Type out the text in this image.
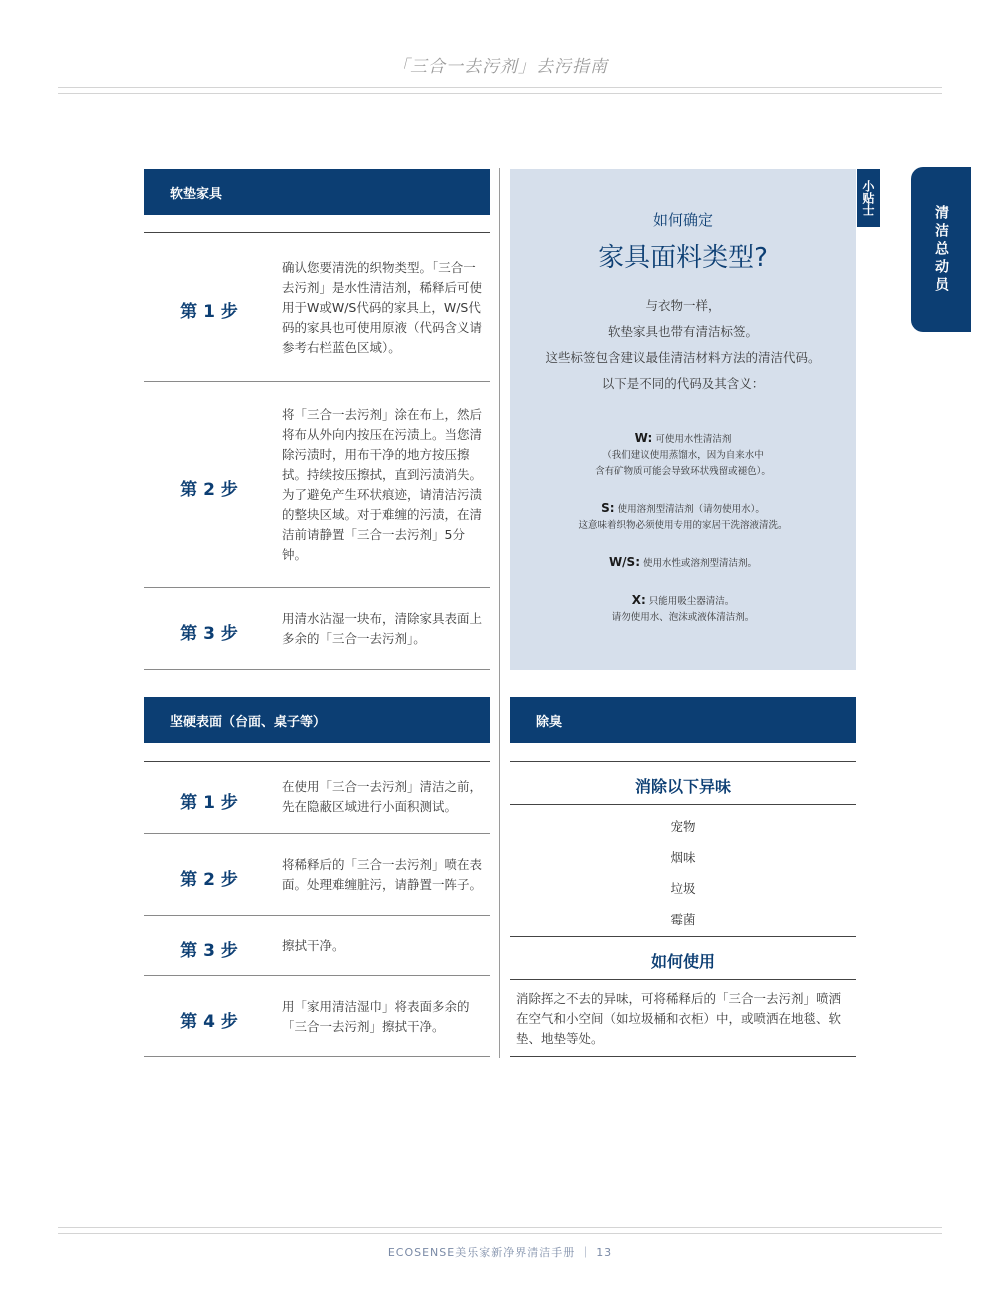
「三合一去污剂」去污指南
清洁总动员
小贴士
软垫家具
第 1 步
确认您要清洗的织物类型。「三合一去污剂」是水性清洁剂，稀释后可使用于W或W/S代码的家具上，W/S代码的家具也可使用原液（代码含义请参考右栏蓝色区域）。
第 2 步
将「三合一去污剂」涂在布上，然后将布从外向内按压在污渍上。当您清除污渍时，用布干净的地方按压擦拭。持续按压擦拭，直到污渍消失。为了避免产生环状痕迹，请清洁污渍的整块区域。对于难缠的污渍，在清洁前请静置「三合一去污剂」5分钟。
第 3 步
用清水沾湿一块布，清除家具表面上多余的「三合一去污剂」。
坚硬表面（台面、桌子等）
第 1 步
在使用「三合一去污剂」清洁之前，先在隐蔽区域进行小面积测试。
第 2 步
将稀释后的「三合一去污剂」喷在表面。处理难缠脏污，请静置一阵子。
第 3 步	擦拭干净。
第 4 步
用「家用清洁湿巾」将表面多余的「三合一去污剂」擦拭干净。
如何确定
家具面料类型?
与衣物一样，
软垫家具也带有清洁标签。
这些标签包含建议最佳清洁材料方法的清洁代码。
以下是不同的代码及其含义：
W: 可使用水性清洁剂
（我们建议使用蒸馏水，因为自来水中
含有矿物质可能会导致环状残留或褪色）。
S: 使用溶剂型清洁剂（请勿使用水）。
这意味着织物必须使用专用的家居干洗溶液清洗。
W/S: 使用水性或溶剂型清洁剂。
X: 只能用吸尘器清洁。
请勿使用水、泡沫或液体清洁剂。
除臭
消除以下异味
宠物
烟味
垃圾
霉菌
如何使用
消除挥之不去的异味，可将稀释后的「三合一去污剂」喷洒在空气和小空间（如垃圾桶和衣柜）中，或喷洒在地毯、软垫、地垫等处。
ECOSENSE美乐家新净界清洁手册 ｜ 13
